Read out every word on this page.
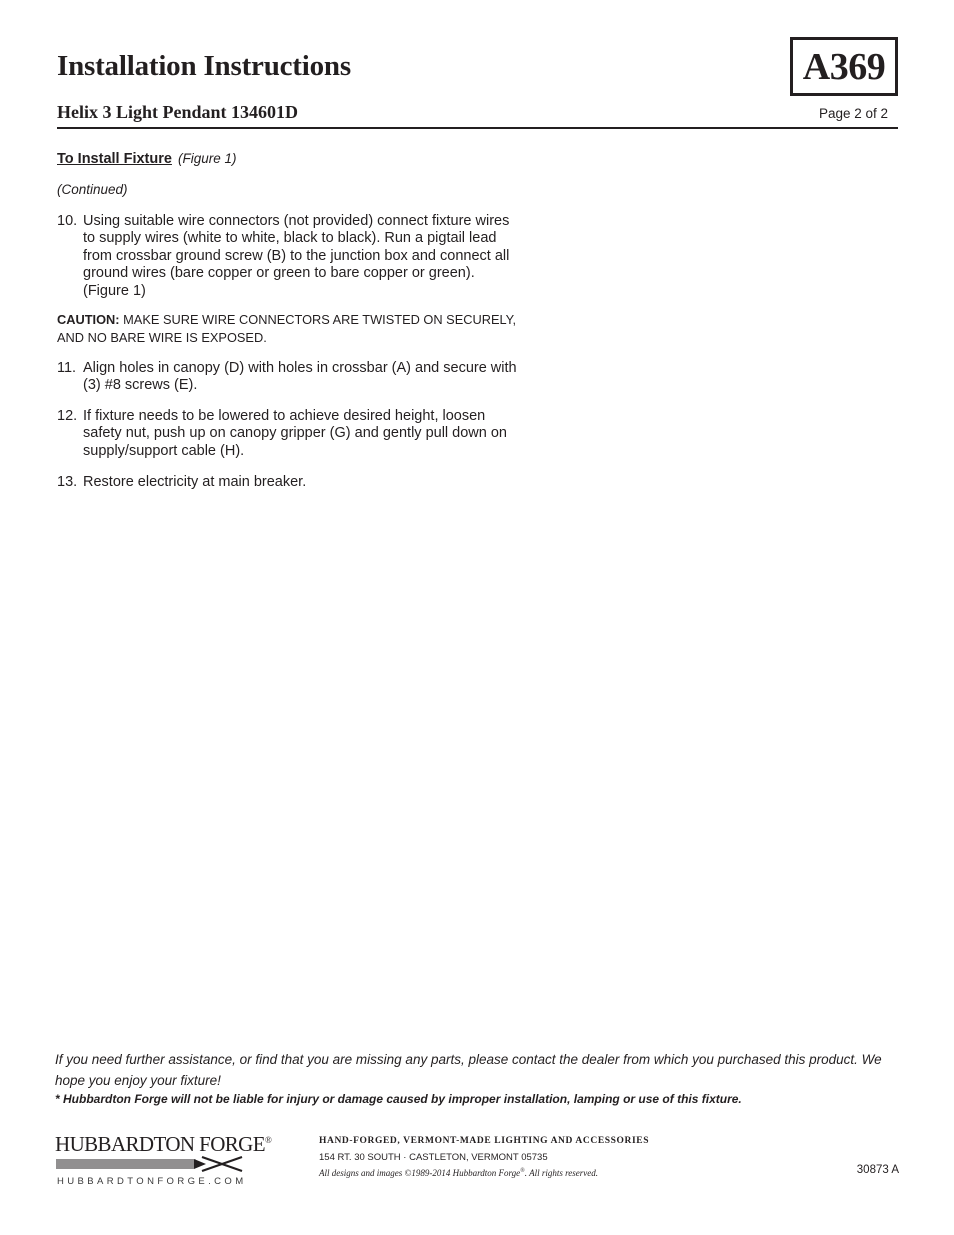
Installation Instructions
Helix 3 Light Pendant 134601D
A369
Page 2 of 2
To Install Fixture (Figure 1)
(Continued)
10. Using suitable wire connectors (not provided) connect fixture wires to supply wires (white to white, black to black). Run a pigtail lead from crossbar ground screw (B) to the junction box and connect all ground wires (bare copper or green to bare copper or green). (Figure 1)
CAUTION: MAKE SURE WIRE CONNECTORS ARE TWISTED ON SECURELY, AND NO BARE WIRE IS EXPOSED.
11. Align holes in canopy (D) with holes in crossbar (A) and secure with (3) #8 screws (E).
12. If fixture needs to be lowered to achieve desired height, loosen safety nut, push up on canopy gripper (G) and gently pull down on supply/support cable (H).
13. Restore electricity at main breaker.
If you need further assistance, or find that you are missing any parts, please contact the dealer from which you purchased this product. We hope you enjoy your fixture!
* Hubbardton Forge will not be liable for injury or damage caused by improper installation, lamping or use of this fixture.
HUBBARDTON FORGE®
HUBBARDTONFORGE.COM
HAND-FORGED, VERMONT-MADE LIGHTING AND ACCESSORIES
154 RT. 30 SOUTH · CASTLETON, VERMONT 05735
All designs and images ©1989-2014 Hubbardton Forge®. All rights reserved.	30873 A
